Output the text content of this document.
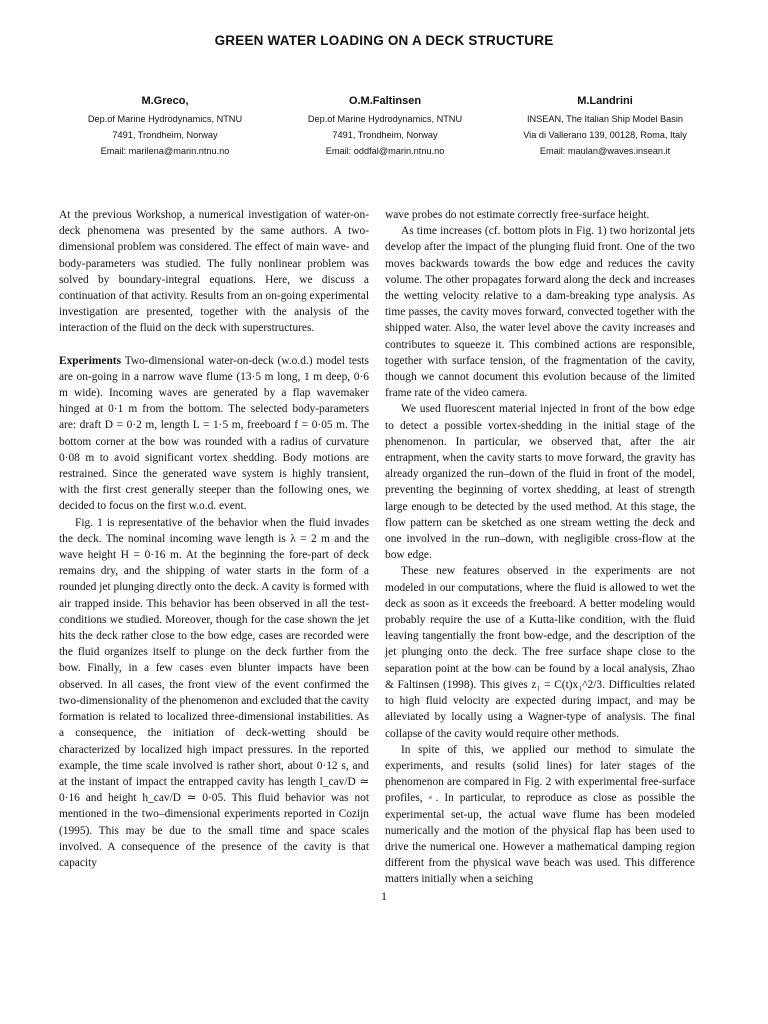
GREEN WATER LOADING ON A DECK STRUCTURE
M.Greco,
Dep.of Marine Hydrodynamics, NTNU
7491, Trondheim, Norway
Email: marilena@marin.ntnu.no
O.M.Faltinsen
Dep.of Marine Hydrodynamics, NTNU
7491, Trondheim, Norway
Email: oddfal@marin.ntnu.no
M.Landrini
INSEAN, The Italian Ship Model Basin
Via di Vallerano 139, 00128, Roma, Italy
Email: maulan@waves.insean.it

At the previous Workshop, a numerical investigation of water-on-deck phenomena was presented by the same authors. A two-dimensional problem was considered. The effect of main wave- and body-parameters was studied. The fully nonlinear problem was solved by boundary-integral equations. Here, we discuss a continuation of that activity. Results from an on-going experimental investigation are presented, together with the analysis of the interaction of the fluid on the deck with superstructures.

Experiments Two-dimensional water-on-deck (w.o.d.) model tests are on-going in a narrow wave flume (13·5 m long, 1 m deep, 0·6 m wide). Incoming waves are generated by a flap wavemaker hinged at 0·1 m from the bottom. The selected body-parameters are: draft D = 0·2 m, length L = 1·5 m, freeboard f = 0·05 m. The bottom corner at the bow was rounded with a radius of curvature 0·08 m to avoid significant vortex shedding. Body motions are restrained. Since the generated wave system is highly transient, with the first crest generally steeper than the following ones, we decided to focus on the first w.o.d. event.

Fig. 1 is representative of the behavior when the fluid invades the deck. The nominal incoming wave length is λ = 2 m and the wave height H = 0·16 m. At the beginning the fore-part of deck remains dry, and the shipping of water starts in the form of a rounded jet plunging directly onto the deck. A cavity is formed with air trapped inside. This behavior has been observed in all the test-conditions we studied. Moreover, though for the case shown the jet hits the deck rather close to the bow edge, cases are recorded were the fluid organizes itself to plunge on the deck further from the bow. Finally, in a few cases even blunter impacts have been observed. In all cases, the front view of the event confirmed the two-dimensionality of the phenomenon and excluded that the cavity formation is related to localized three-dimensional instabilities. As a consequence, the initiation of deck-wetting should be characterized by localized high impact pressures. In the reported example, the time scale involved is rather short, about 0·12 s, and at the instant of impact the entrapped cavity has length l_cav/D ≃ 0·16 and height h_cav/D ≃ 0·05. This fluid behavior was not mentioned in the two–dimensional experiments reported in Cozijn (1995). This may be due to the small time and space scales involved. A consequence of the presence of the cavity is that capacity

wave probes do not estimate correctly free-surface height.

As time increases (cf. bottom plots in Fig. 1) two horizontal jets develop after the impact of the plunging fluid front. One of the two moves backwards towards the bow edge and reduces the cavity volume. The other propagates forward along the deck and increases the wetting velocity relative to a dam-breaking type analysis. As time passes, the cavity moves forward, convected together with the shipped water. Also, the water level above the cavity increases and contributes to squeeze it. This combined actions are responsible, together with surface tension, of the fragmentation of the cavity, though we cannot document this evolution because of the limited frame rate of the video camera.

We used fluorescent material injected in front of the bow edge to detect a possible vortex-shedding in the initial stage of the phenomenon. In particular, we observed that, after the air entrapment, when the cavity starts to move forward, the gravity has already organized the run–down of the fluid in front of the model, preventing the beginning of vortex shedding, at least of strength large enough to be detected by the used method. At this stage, the flow pattern can be sketched as one stream wetting the deck and one involved in the run–down, with negligible cross-flow at the bow edge.

These new features observed in the experiments are not modeled in our computations, where the fluid is allowed to wet the deck as soon as it exceeds the freeboard. A better modeling would probably require the use of a Kutta-like condition, with the fluid leaving tangentially the front bow-edge, and the description of the jet plunging onto the deck. The free surface shape close to the separation point at the bow can be found by a local analysis, Zhao & Faltinsen (1998). This gives z₁ = C(t)x₁^2/3. Difficulties related to high fluid velocity are expected during impact, and may be alleviated by locally using a Wagner-type of analysis. The final collapse of the cavity would require other methods.

In spite of this, we applied our method to simulate the experiments, and results (solid lines) for later stages of the phenomenon are compared in Fig. 2 with experimental free-surface profiles, ◦. In particular, to reproduce as close as possible the experimental set-up, the actual wave flume has been modeled numerically and the motion of the physical flap has been used to drive the numerical one. However a mathematical damping region different from the physical wave beach was used. This difference matters initially when a seiching

1
